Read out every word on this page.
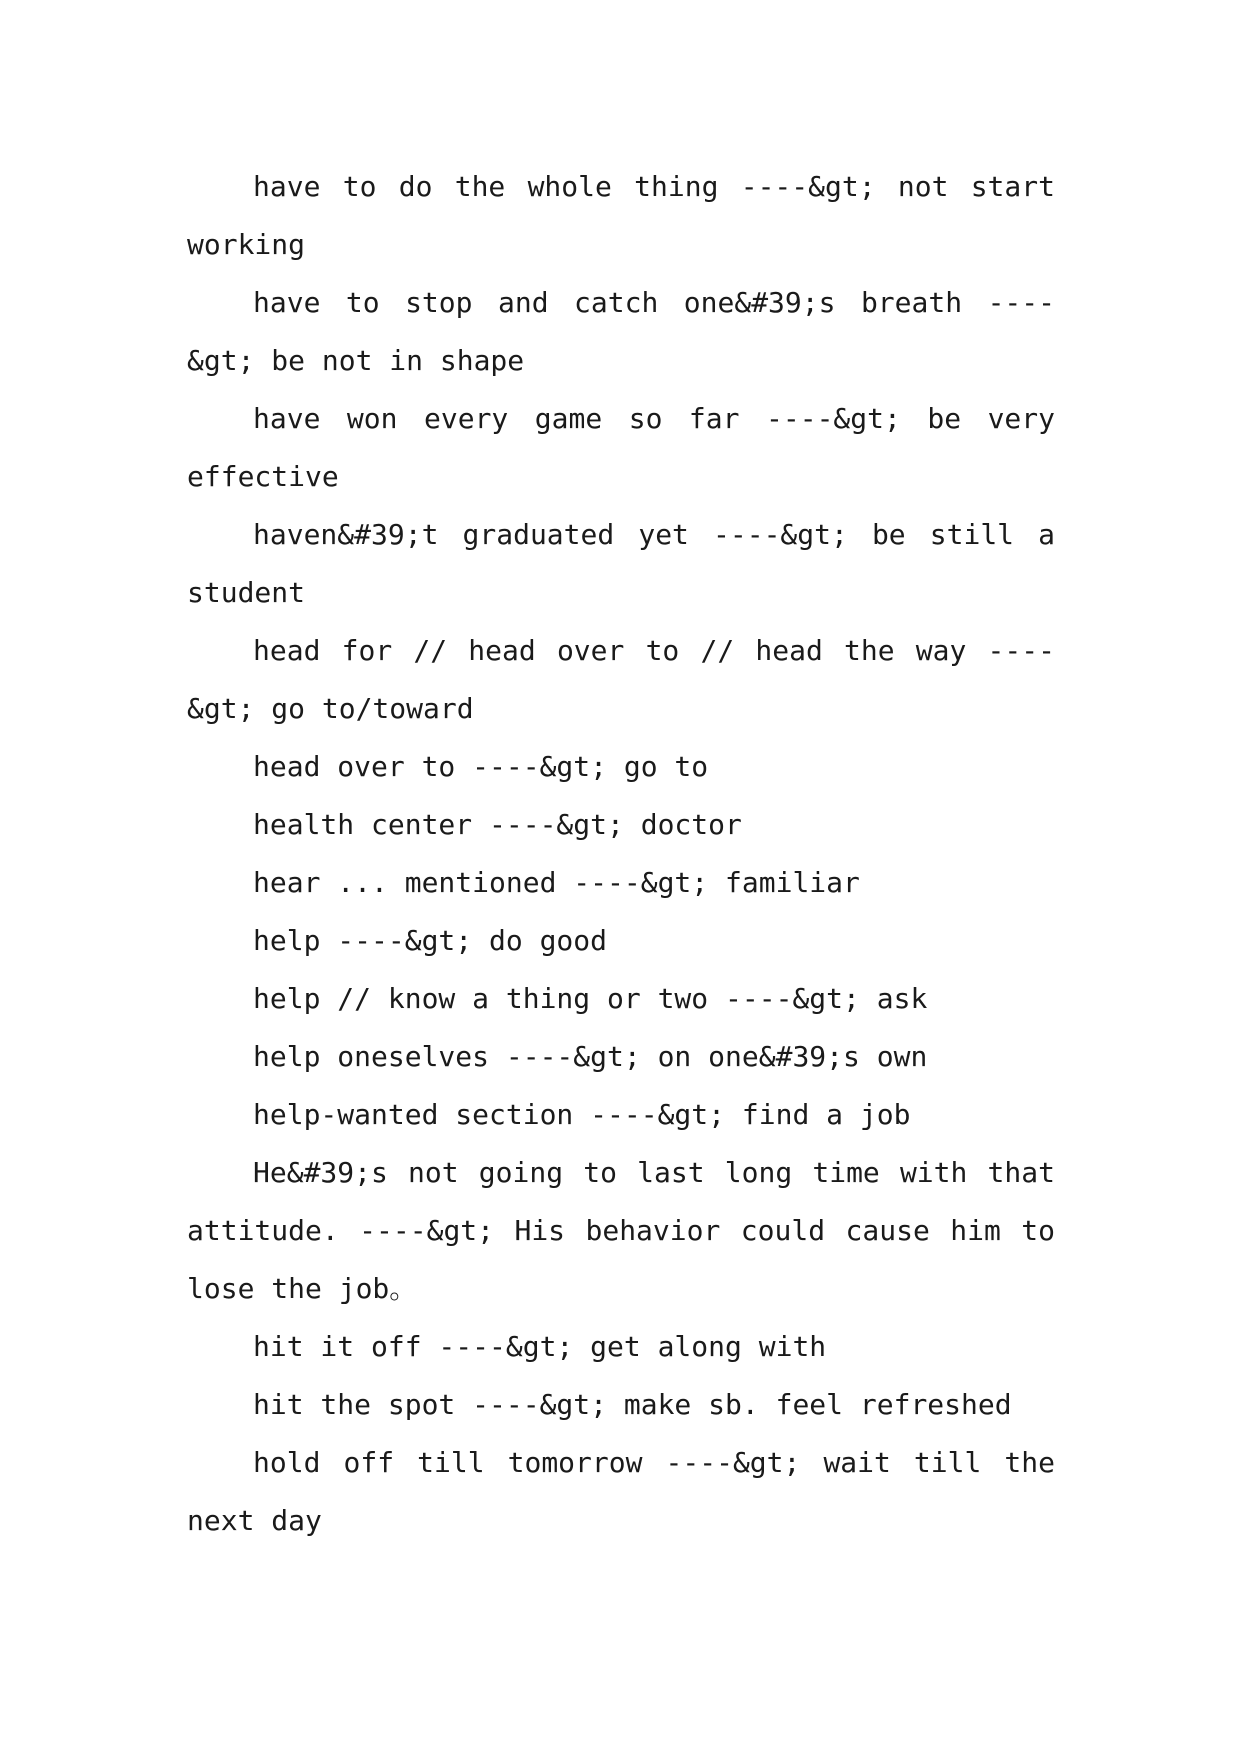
have to do the whole thing ----&gt; not start working

have to stop and catch one&#39;s breath ----&gt; be not in shape

have won every game so far ----&gt; be very effective

haven&#39;t graduated yet ----&gt; be still a student

head for // head over to // head the way ----&gt; go to/toward

head over to ----&gt; go to

health center ----&gt; doctor

hear ... mentioned ----&gt; familiar

help ----&gt; do good

help // know a thing or two ----&gt; ask

help oneselves ----&gt; on one&#39;s own

help-wanted section ----&gt; find a job

He&#39;s not going to last long time with that attitude. ----&gt; His behavior could cause him to lose the job。

hit it off ----&gt; get along with

hit the spot ----&gt; make sb. feel refreshed

hold off till tomorrow ----&gt; wait till the next day
